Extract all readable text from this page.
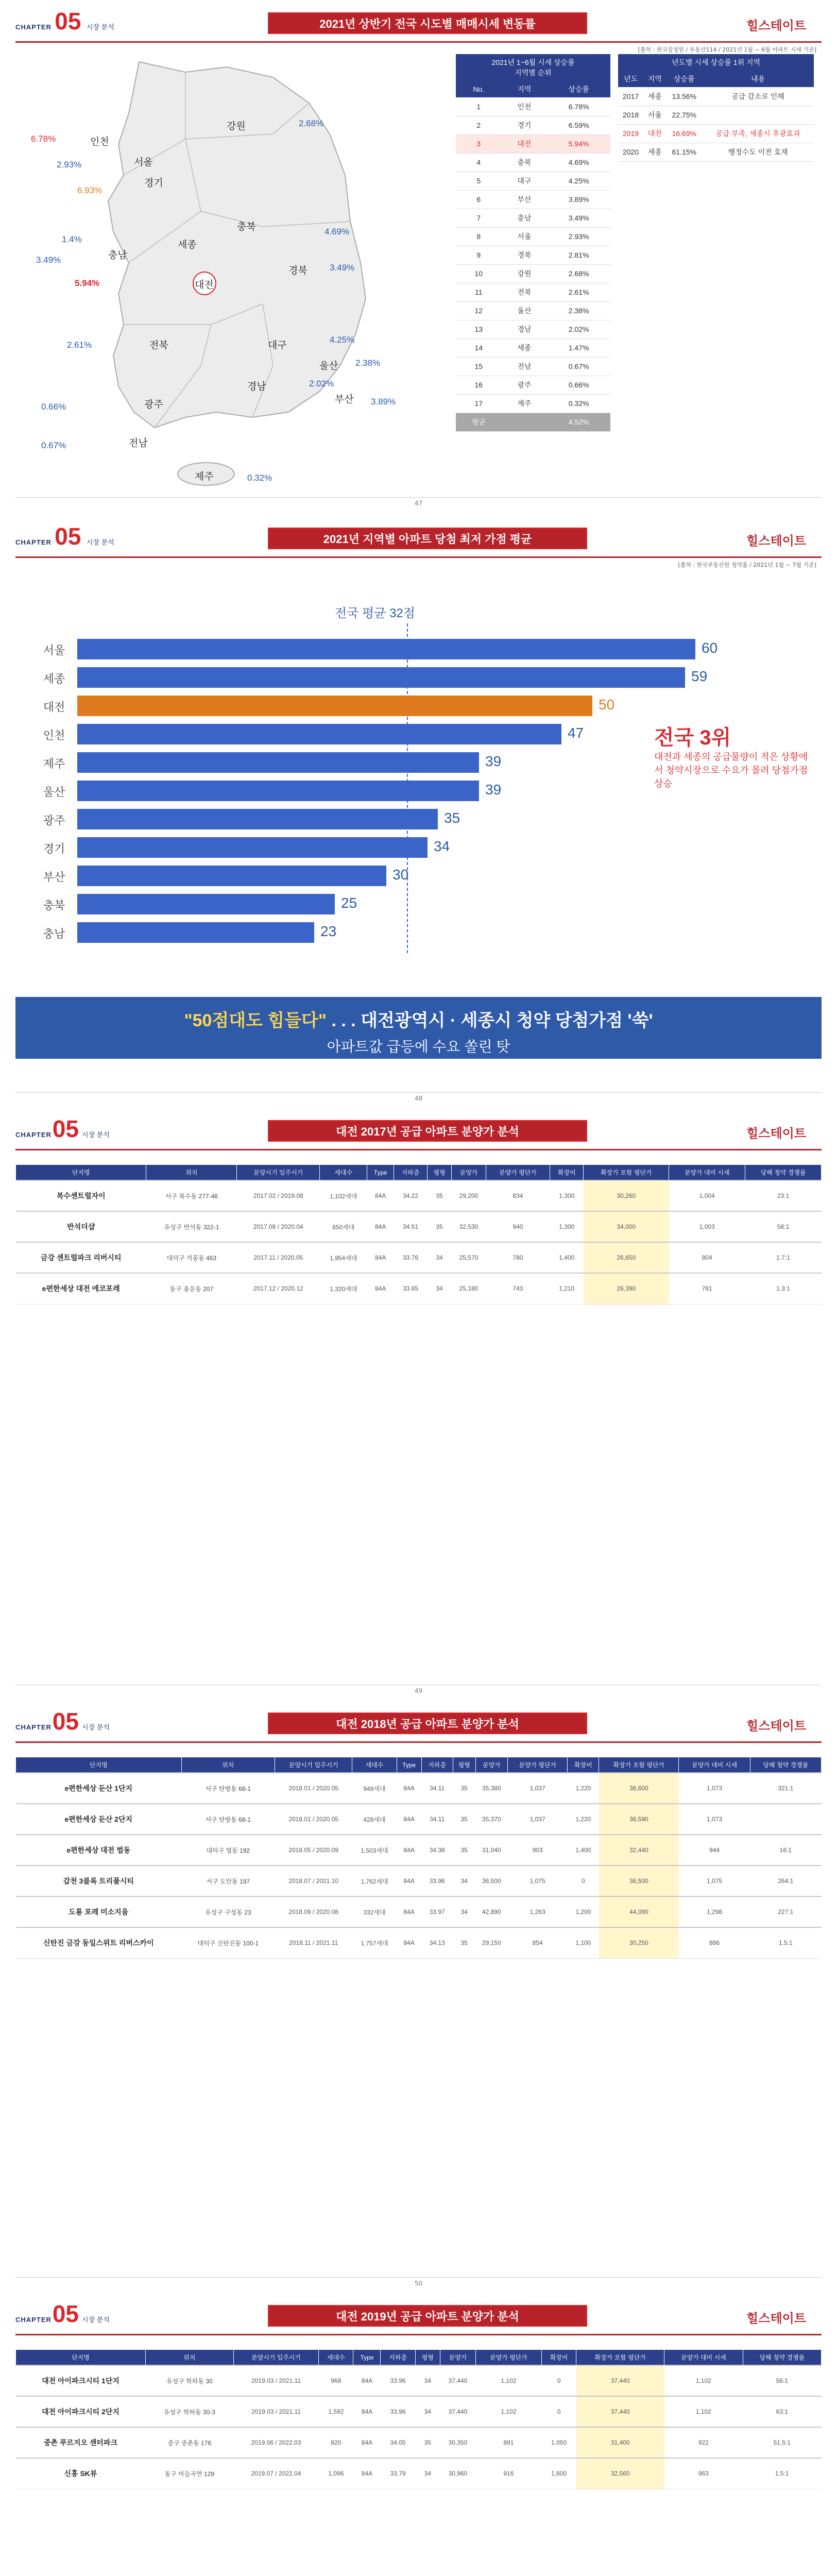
CHAPTER 05 시장 분석	2021년 상반기 전국 시도별 매매시세 변동률	힐스테이트
[출처 : 한국감정원 / 부동산114 / 2021년 1월 ~ 6월 아파트 시세 기준]
강원	2.68%
경기
6.93%
인천
6.78%
서울
2.93%
충북	4.69%
충남
1.4%
세종
3.49%
대전
5.94%
경북	3.49%
대구
4.25%
전북
2.61%
울산 2.38%
경남	2.02%
부산 3.89%
광주
0.66%
전남
0.67%
제주	0.32%
2021년 1~6월 시세 상승률
지역별 순위		

No.	지역	상승률
1	인천	6.78%
2	경기	6.59%
3	대전	5.94%
4	충북	4.69%
5	대구	4.25%
6	부산	3.89%
7	충남	3.49%
8	서울	2.93%
9	경북	2.81%
10	강원	2.68%
11	전북	2.61%
12	울산	2.38%
13	경남	2.02%
14	세종	1.47%
15	전남	0.67%
16	광주	0.66%
17	제주	0.32%
평균		4.52%
년도별 시세 상승률 1위 지역			
년도	지역	상승률	내용
2017	세종	13.56%	공급 감소로 인해
2018	서울	22.75%	
2019	대전	16.69%	공급 부족, 세종시 후광효과
2020	세종	61.15%	행정수도 이전 호재
47
CHAPTER 05 시장 분석	2021년 지역별 아파트 당첨 최저 가점 평균	힐스테이트
[출처 : 한국부동산원 청약홈 / 2021년 1월 ~ 7월 기준]
48
전국 평균 32점
전국 3위
대전과 세종의 공급물량이 적은 상황에서 청약시장으로 수요가 몰려 당첨가점 상승
서울	60
세종	59
대전	50
인천	47
제주	39
울산	39
광주	35
경기	34
부산	30
충북	25
충남	23
"50점대도 힘들다" . . . 대전광역시 · 세종시 청약 당첨가점 '쑥'
아파트값 급등에 수요 쏠린 탓
CHAPTER05 시장 분석	대전 2017년 공급 아파트 분양가 분석	힐스테이트
49
단지명	위치	분양시기 입주시기	세대수	Type	지하층	평형	분양가	분양가 평단가	확장비	확장가 포함 평단가	분양가 대비 시세	당해 청약 경쟁률
복수센트럴자이	서구 복수동 277-46	2017.02 / 2019.08	1,102세대	84A	34.22	35	29,200	834	1,300	30,260	1,004	23:1
반석더샵	유성구 반석동 322-1	2017.08 / 2020.04	650세대	84A	34.51	35	32,530	940	1,300	34,000	1,003	58:1
금강 센트럴파크 리버시티	대덕구 석봉동 463	2017.11 / 2020.05	1,954세대	84A	33.76	34	25,570	780	1,400	26,650	804	1.7:1
e편한세상 대전 에코포레	동구 용운동 207	2017.12 / 2020.12	1,320세대	84A	33.85	34	25,180	743	1,210	26,390	781	1.3:1
CHAPTER05 시장 분석	대전 2018년 공급 아파트 분양가 분석	힐스테이트
50
단지명	위치	분양시기 입주시기	세대수	Type	지하층	평형	분양가	분양가 평단가	확장비	확장가 포함 평단가	분양가 대비 시세	당해 청약 경쟁률
e편한세상 둔산 1단지	서구 탄방동 68-1	2018.01 / 2020.05	948세대	84A	34.11	35	35,380	1,037	1,220	36,600	1,073	321:1
e편한세상 둔산 2단지	서구 탄방동 68-1	2018.01 / 2020.05	428세대	84A	34.11	35	35,370	1,037	1,220	36,590	1,073	
e편한세상 대전 법동	대덕구 법동 192	2018.05 / 2020.09	1,503세대	84A	34.38	35	31,040	903	1,400	32,440	944	16:1
갑천 3블록 트리풀시티	서구 도안동 197	2018.07 / 2021.10	1,762세대	84A	33.96	34	36,500	1,075	0	36,500	1,075	264:1
도룡 포레 미소지움	유성구 구성동 23	2018.09 / 2020.08	332세대	84A	33.97	34	42,890	1,263	1,200	44,090	1,298	227:1
신탄진 금강 동일스위트 리버스카이	대덕구 신탄진동 100-1	2018.11 / 2021.11	1,757세대	84A	34.13	35	29,150	854	1,100	30,250	886	1.5:1
CHAPTER05 시장 분석	대전 2019년 공급 아파트 분양가 분석	힐스테이트
단지명	위치	분양시기 입주시기	세대수	Type	지하층	평형	분양가	분양가 평단가	확장비	확장가 포함 평단가	분양가 대비 시세	당해 청약 경쟁률
대전 아이파크시티 1단지	유성구 학하동 30	2019.03 / 2021.11	968	84A	33.96	34	37,440	1,102	0	37,440	1,102	56:1
대전 아이파크시티 2단지	유성구 학하동 30-3	2019.03 / 2021.11	1,592	84A	33.96	34	37,440	1,102	0	37,440	1,102	63:1
중촌 푸르지오 센터파크	중구 중촌동 176	2019.06 / 2022.03	820	84A	34.05	35	30,350	891	1,050	31,400	922	51.5:1
신흥 SK뷰	동구 마들곡면 129	2019.07 / 2022.04	1,096	84A	33.79	34	30,960	916	1,600	32,560	963	1.5:1
